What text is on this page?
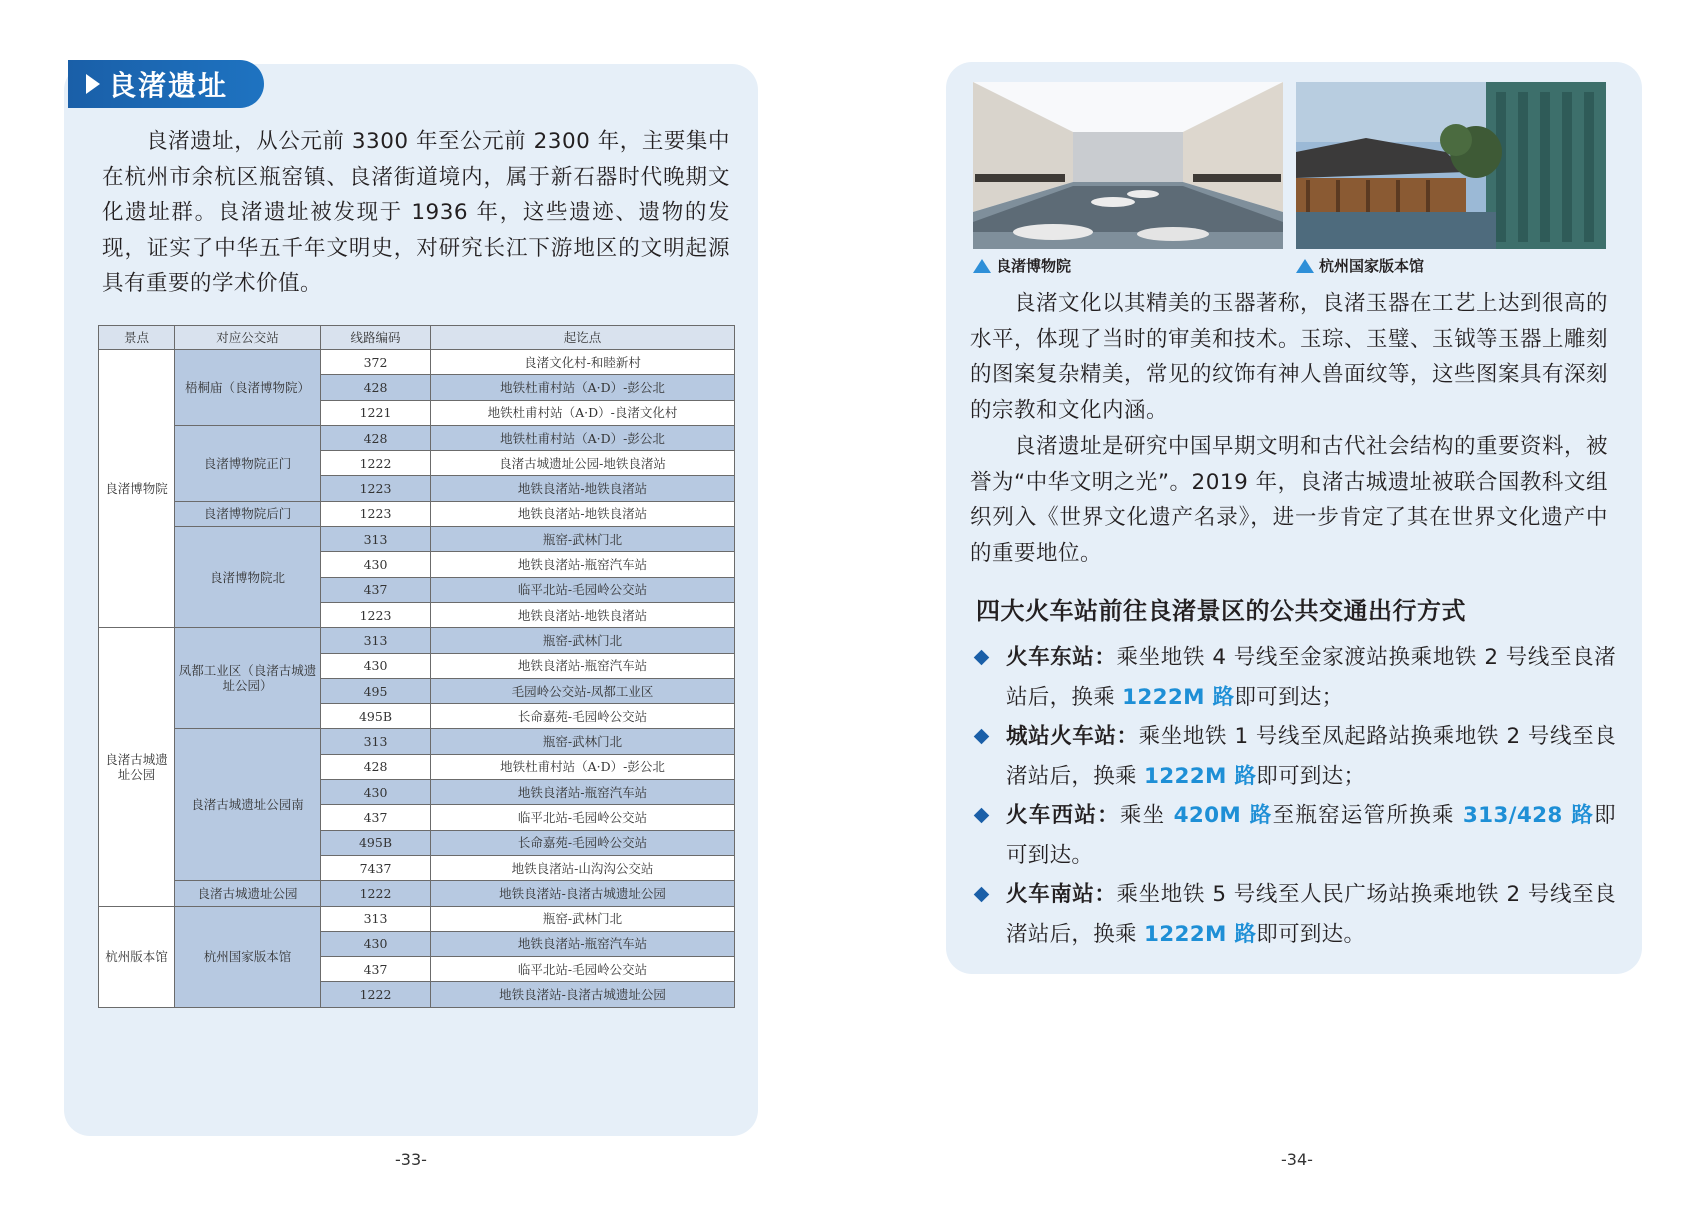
良渚遗址

良渚遗址，从公元前 3300 年至公元前 2300 年，主要集中在杭州市余杭区瓶窑镇、良渚街道境内，属于新石器时代晚期文化遗址群。良渚遗址被发现于 1936 年，这些遗迹、遗物的发现，证实了中华五千年文明史，对研究长江下游地区的文明起源具有重要的学术价值。

景点	对应公交站	线路编码	起讫点
良渚博物院	梧桐庙（良渚博物院）	372	良渚文化村-和睦新村
		428	地铁杜甫村站（A·D）-彭公北
		1221	地铁杜甫村站（A·D）-良渚文化村
	良渚博物院正门	428	地铁杜甫村站（A·D）-彭公北
		1222	良渚古城遗址公园-地铁良渚站
		1223	地铁良渚站-地铁良渚站
	良渚博物院后门	1223	地铁良渚站-地铁良渚站
	良渚博物院北	313	瓶窑-武林门北
		430	地铁良渚站-瓶窑汽车站
		437	临平北站-毛园岭公交站
		1223	地铁良渚站-地铁良渚站
良渚古城遗址公园	凤都工业区（良渚古城遗址公园）	313	瓶窑-武林门北
		430	地铁良渚站-瓶窑汽车站
		495	毛园岭公交站-凤都工业区
		495B	长命嘉苑-毛园岭公交站
	良渚古城遗址公园南	313	瓶窑-武林门北
		428	地铁杜甫村站（A·D）-彭公北
		430	地铁良渚站-瓶窑汽车站
		437	临平北站-毛园岭公交站
		495B	长命嘉苑-毛园岭公交站
		7437	地铁良渚站-山沟沟公交站
	良渚古城遗址公园	1222	地铁良渚站-良渚古城遗址公园
杭州版本馆	杭州国家版本馆	313	瓶窑-武林门北
		430	地铁良渚站-瓶窑汽车站
		437	临平北站-毛园岭公交站
		1222	地铁良渚站-良渚古城遗址公园
-33-
良渚博物院	杭州国家版本馆

良渚文化以其精美的玉器著称，良渚玉器在工艺上达到很高的水平，体现了当时的审美和技术。玉琮、玉璧、玉钺等玉器上雕刻的图案复杂精美，常见的纹饰有神人兽面纹等，这些图案具有深刻的宗教和文化内涵。

良渚遗址是研究中国早期文明和古代社会结构的重要资料，被誉为“中华文明之光”。2019 年，良渚古城遗址被联合国教科文组织列入《世界文化遗产名录》，进一步肯定了其在世界文化遗产中的重要地位。

四大火车站前往良渚景区的公共交通出行方式
火车东站：乘坐地铁 4 号线至金家渡站换乘地铁 2 号线至良渚站后，换乘 1222M 路即可到达；
城站火车站：乘坐地铁 1 号线至凤起路站换乘地铁 2 号线至良渚站后，换乘 1222M 路即可到达；
火车西站：乘坐 420M 路至瓶窑运管所换乘 313/428 路即可到达。
火车南站：乘坐地铁 5 号线至人民广场站换乘地铁 2 号线至良渚站后，换乘 1222M 路即可到达。
-34-
